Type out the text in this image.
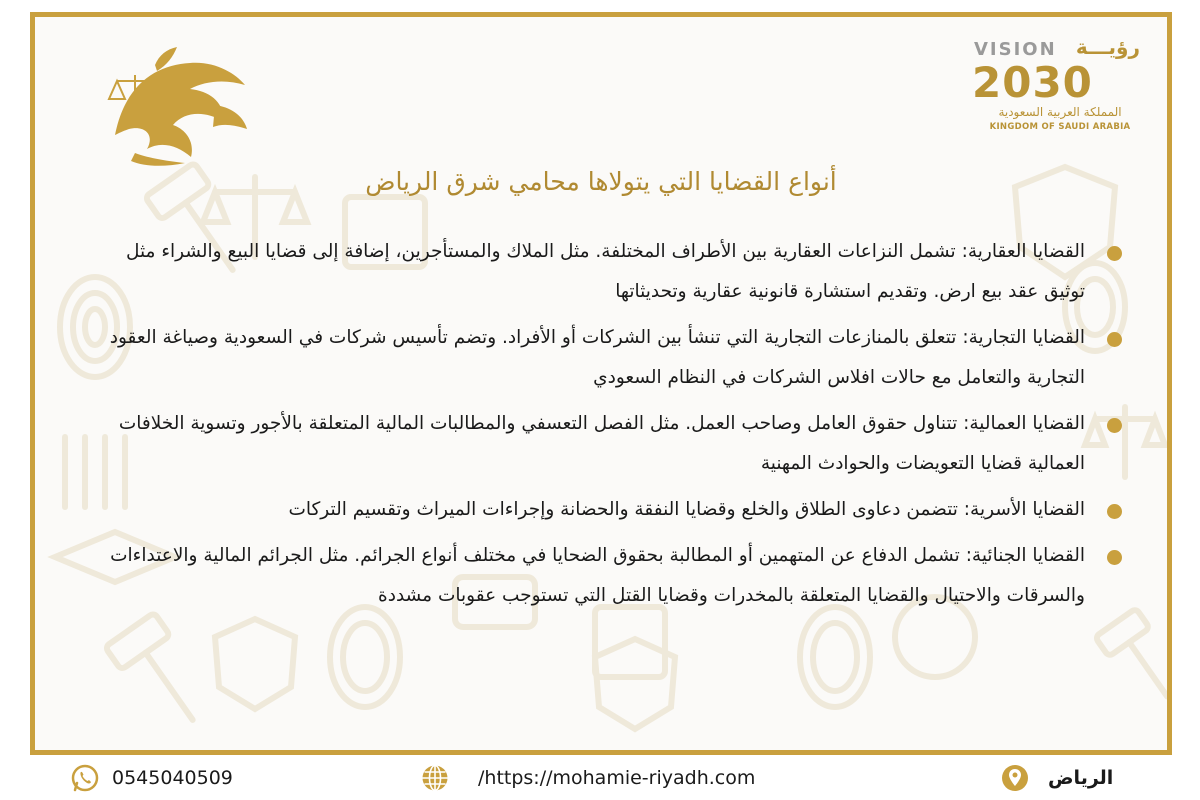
VISION رؤيـــة
2030
المملكة العربية السعودية
KINGDOM OF SAUDI ARABIA
أنواع القضايا التي يتولاها محامي شرق الرياض
القضايا العقارية: تشمل النزاعات العقارية بين الأطراف المختلفة. مثل الملاك والمستأجرين، إضافة إلى قضايا البيع والشراء مثل توثيق عقد بيع ارض. وتقديم استشارة قانونية عقارية وتحديثاتها
القضايا التجارية: تتعلق بالمنازعات التجارية التي تنشأ بين الشركات أو الأفراد. وتضم تأسيس شركات في السعودية وصياغة العقود التجارية والتعامل مع حالات افلاس الشركات في النظام السعودي
القضايا العمالية: تتناول حقوق العامل وصاحب العمل. مثل الفصل التعسفي والمطالبات المالية المتعلقة بالأجور وتسوية الخلافات العمالية قضايا التعويضات والحوادث المهنية
القضايا الأسرية: تتضمن دعاوى الطلاق والخلع وقضايا النفقة والحضانة وإجراءات الميراث وتقسيم التركات
القضايا الجنائية: تشمل الدفاع عن المتهمين أو المطالبة بحقوق الضحايا في مختلف أنواع الجرائم. مثل الجرائم المالية والاعتداءات والسرقات والاحتيال والقضايا المتعلقة بالمخدرات وقضايا القتل التي تستوجب عقوبات مشددة
0545040509	/https://mohamie-riyadh.com	الرياض
